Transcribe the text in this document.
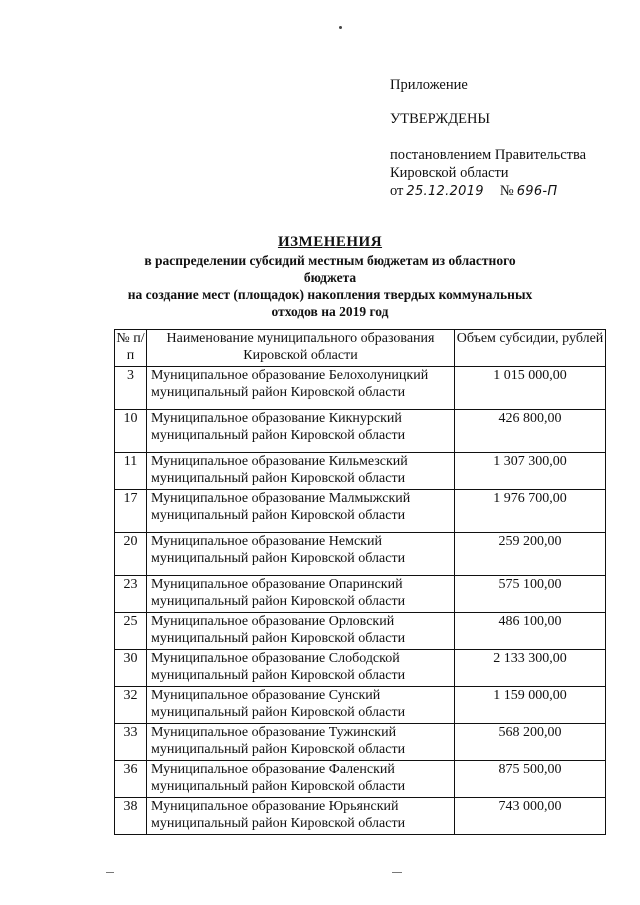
Приложение
УТВЕРЖДЕНЫ
постановлением Правительства
Кировской области
от 25.12.2019 № 696-П
ИЗМЕНЕНИЯ
в распределении субсидий местным бюджетам из областного бюджета
на создание мест (площадок) накопления твердых коммунальных
отходов на 2019 год
№ п/п	Наименование муниципального образования Кировской области	Объем субсидии, рублей
3	Муниципальное образование Белохолуницкий муниципальный район Кировской области	1 015 000,00
10	Муниципальное образование Кикнурский муниципальный район Кировской области	426 800,00
11	Муниципальное образование Кильмезский муниципальный район Кировской области	1 307 300,00
17	Муниципальное образование Малмыжский муниципальный район Кировской области	1 976 700,00
20	Муниципальное образование Немский муниципальный район Кировской области	259 200,00
23	Муниципальное образование Опаринский муниципальный район Кировской области	575 100,00
25	Муниципальное образование Орловский муниципальный район Кировской области	486 100,00
30	Муниципальное образование Слободской муниципальный район Кировской области	2 133 300,00
32	Муниципальное образование Сунский муниципальный район Кировской области	1 159 000,00
33	Муниципальное образование Тужинский муниципальный район Кировской области	568 200,00
36	Муниципальное образование Фаленский муниципальный район Кировской области	875 500,00
38	Муниципальное образование Юрьянский муниципальный район Кировской области	743 000,00
